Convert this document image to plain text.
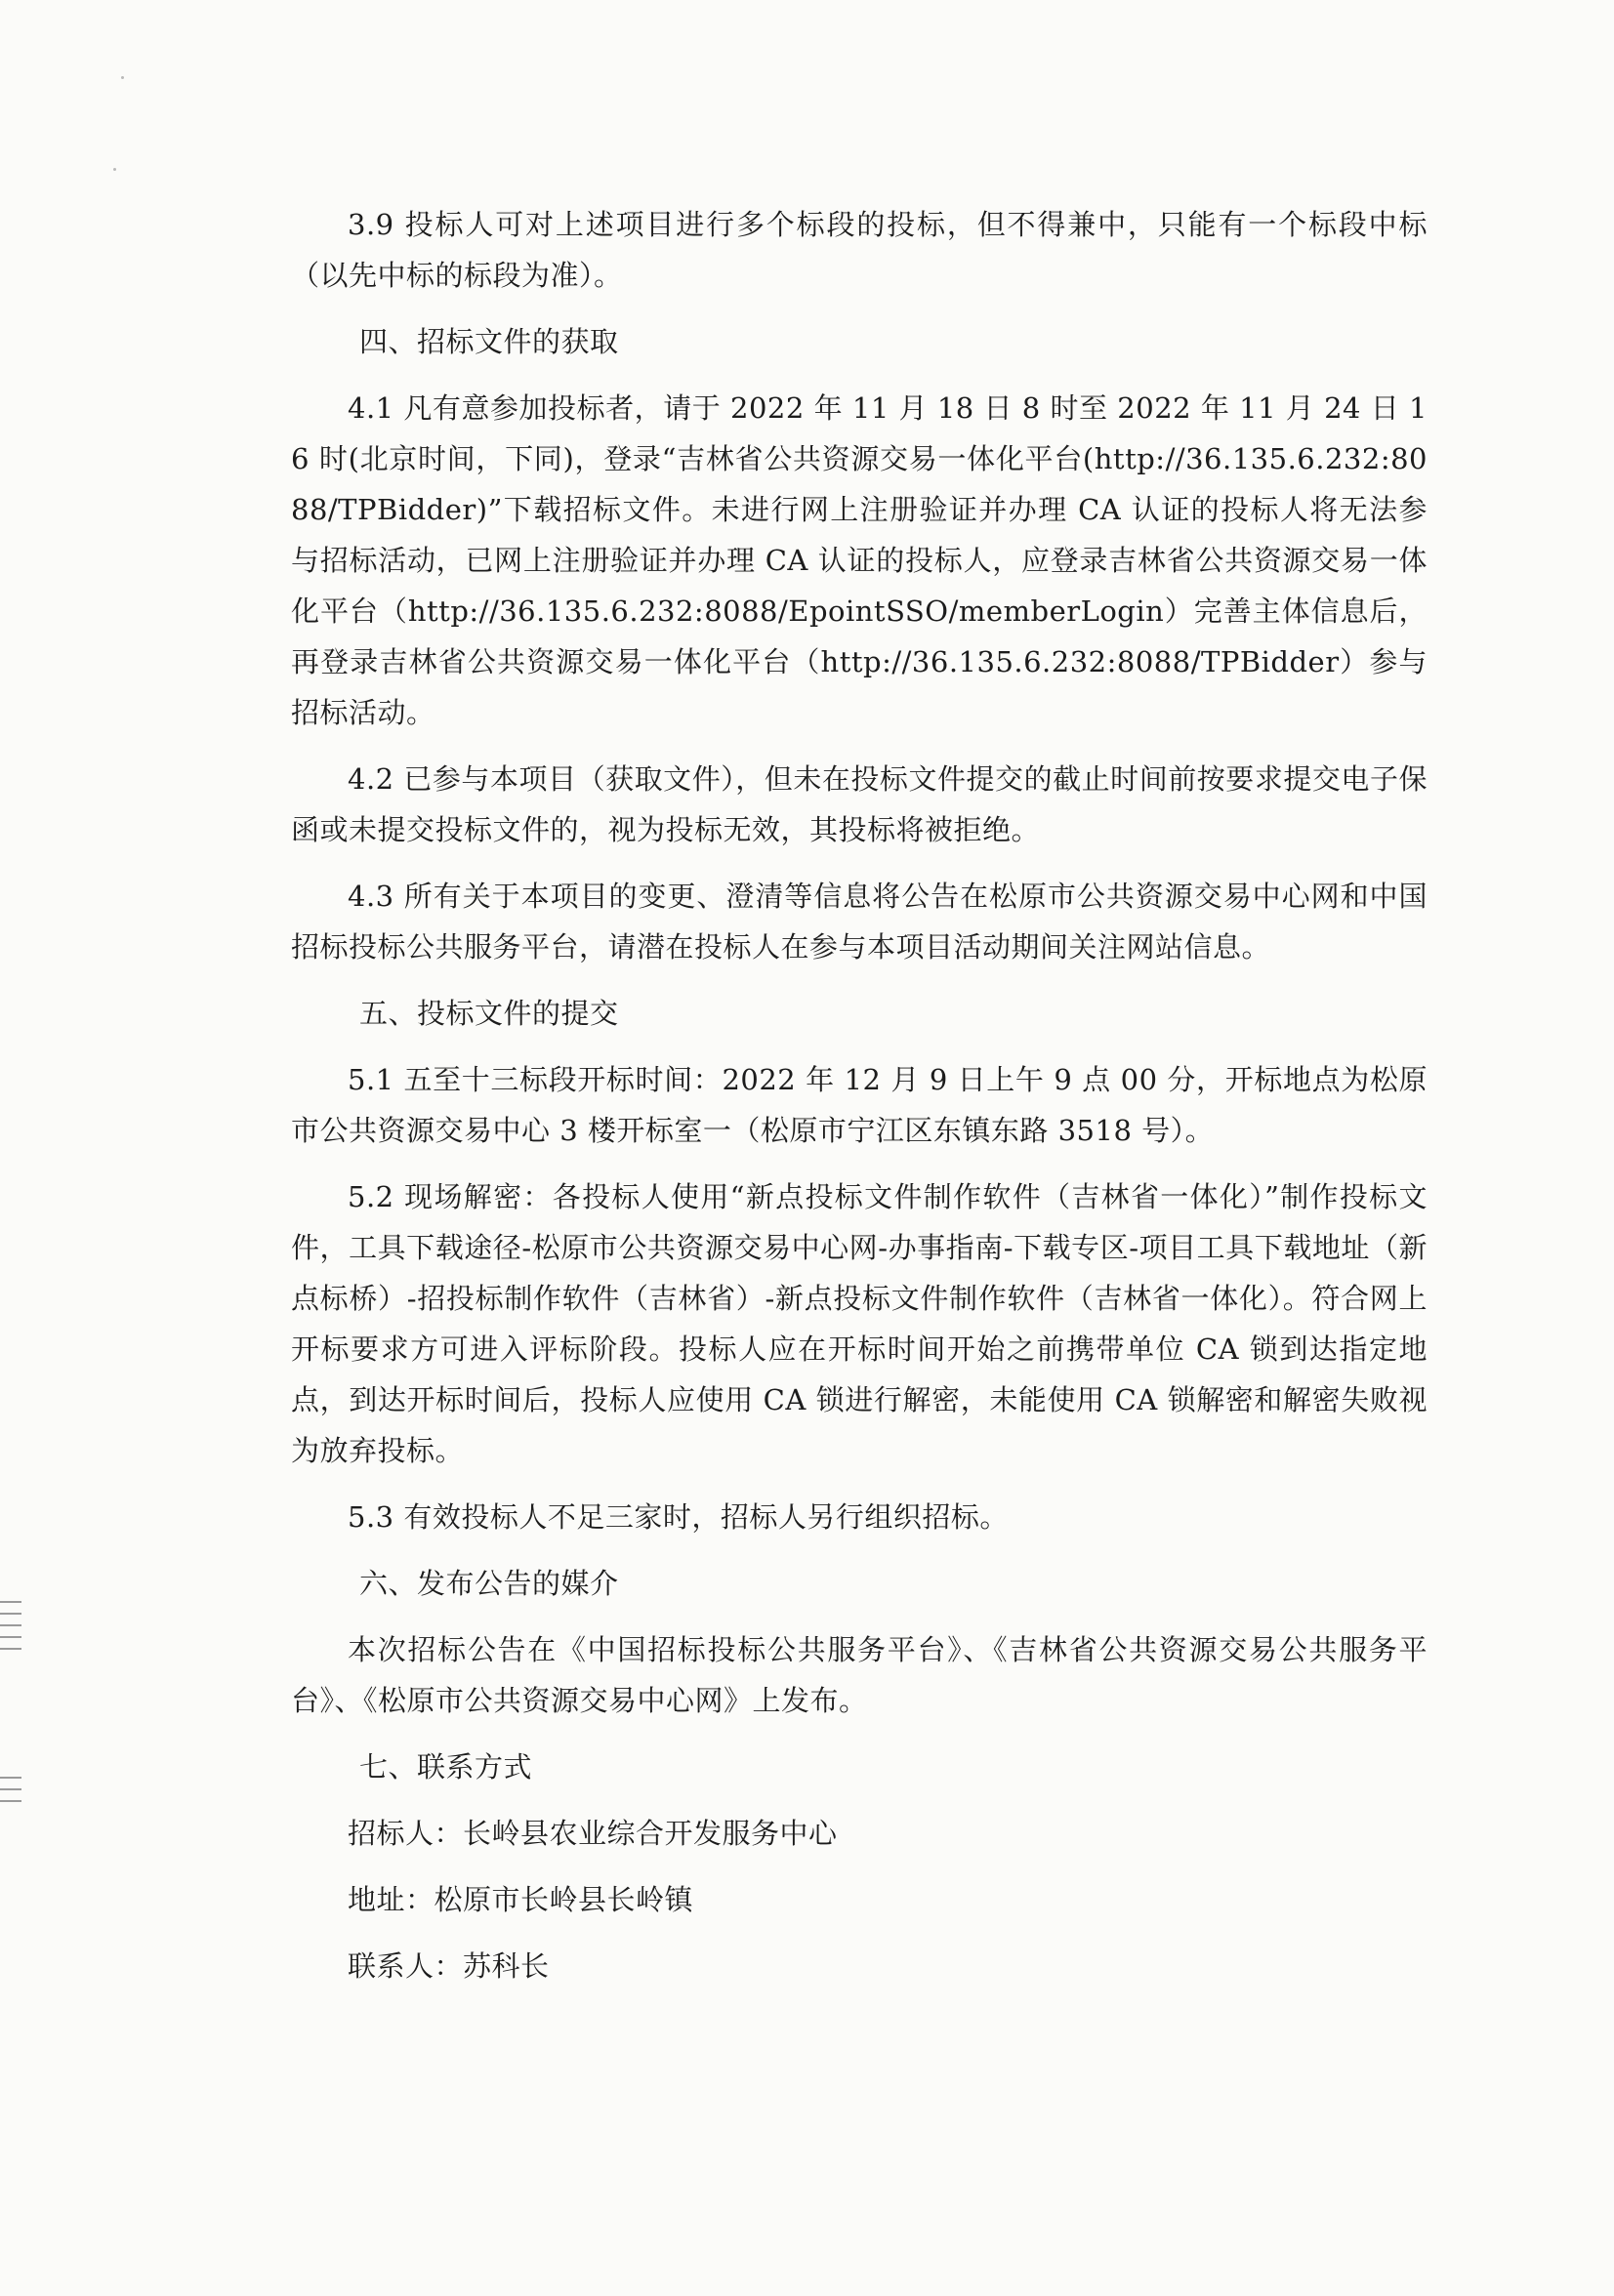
3.9 投标人可对上述项目进行多个标段的投标，但不得兼中，只能有一个标段中标（以先中标的标段为准）。

四、招标文件的获取

4.1 凡有意参加投标者，请于 2022 年 11 月 18 日 8 时至 2022 年 11 月 24 日 16 时(北京时间，下同)，登录“吉林省公共资源交易一体化平台(http://36.135.6.232:8088/TPBidder)”下载招标文件。未进行网上注册验证并办理 CA 认证的投标人将无法参与招标活动，已网上注册验证并办理 CA 认证的投标人，应登录吉林省公共资源交易一体化平台（http://36.135.6.232:8088/EpointSSO/memberLogin）完善主体信息后，再登录吉林省公共资源交易一体化平台（http://36.135.6.232:8088/TPBidder）参与招标活动。

4.2 已参与本项目（获取文件），但未在投标文件提交的截止时间前按要求提交电子保函或未提交投标文件的，视为投标无效，其投标将被拒绝。

4.3 所有关于本项目的变更、澄清等信息将公告在松原市公共资源交易中心网和中国招标投标公共服务平台，请潜在投标人在参与本项目活动期间关注网站信息。

五、投标文件的提交

5.1 五至十三标段开标时间：2022 年 12 月 9 日上午 9 点 00 分，开标地点为松原市公共资源交易中心 3 楼开标室一（松原市宁江区东镇东路 3518 号）。

5.2 现场解密：各投标人使用“新点投标文件制作软件（吉林省一体化）”制作投标文件，工具下载途径-松原市公共资源交易中心网-办事指南-下载专区-项目工具下载地址（新点标桥）-招投标制作软件（吉林省）-新点投标文件制作软件（吉林省一体化）。符合网上开标要求方可进入评标阶段。投标人应在开标时间开始之前携带单位 CA 锁到达指定地点，到达开标时间后，投标人应使用 CA 锁进行解密，未能使用 CA 锁解密和解密失败视为放弃投标。

5.3 有效投标人不足三家时，招标人另行组织招标。

六、发布公告的媒介

本次招标公告在《中国招标投标公共服务平台》、《吉林省公共资源交易公共服务平台》、《松原市公共资源交易中心网》上发布。

七、联系方式

招标人：长岭县农业综合开发服务中心

地址：松原市长岭县长岭镇

联系人：苏科长
